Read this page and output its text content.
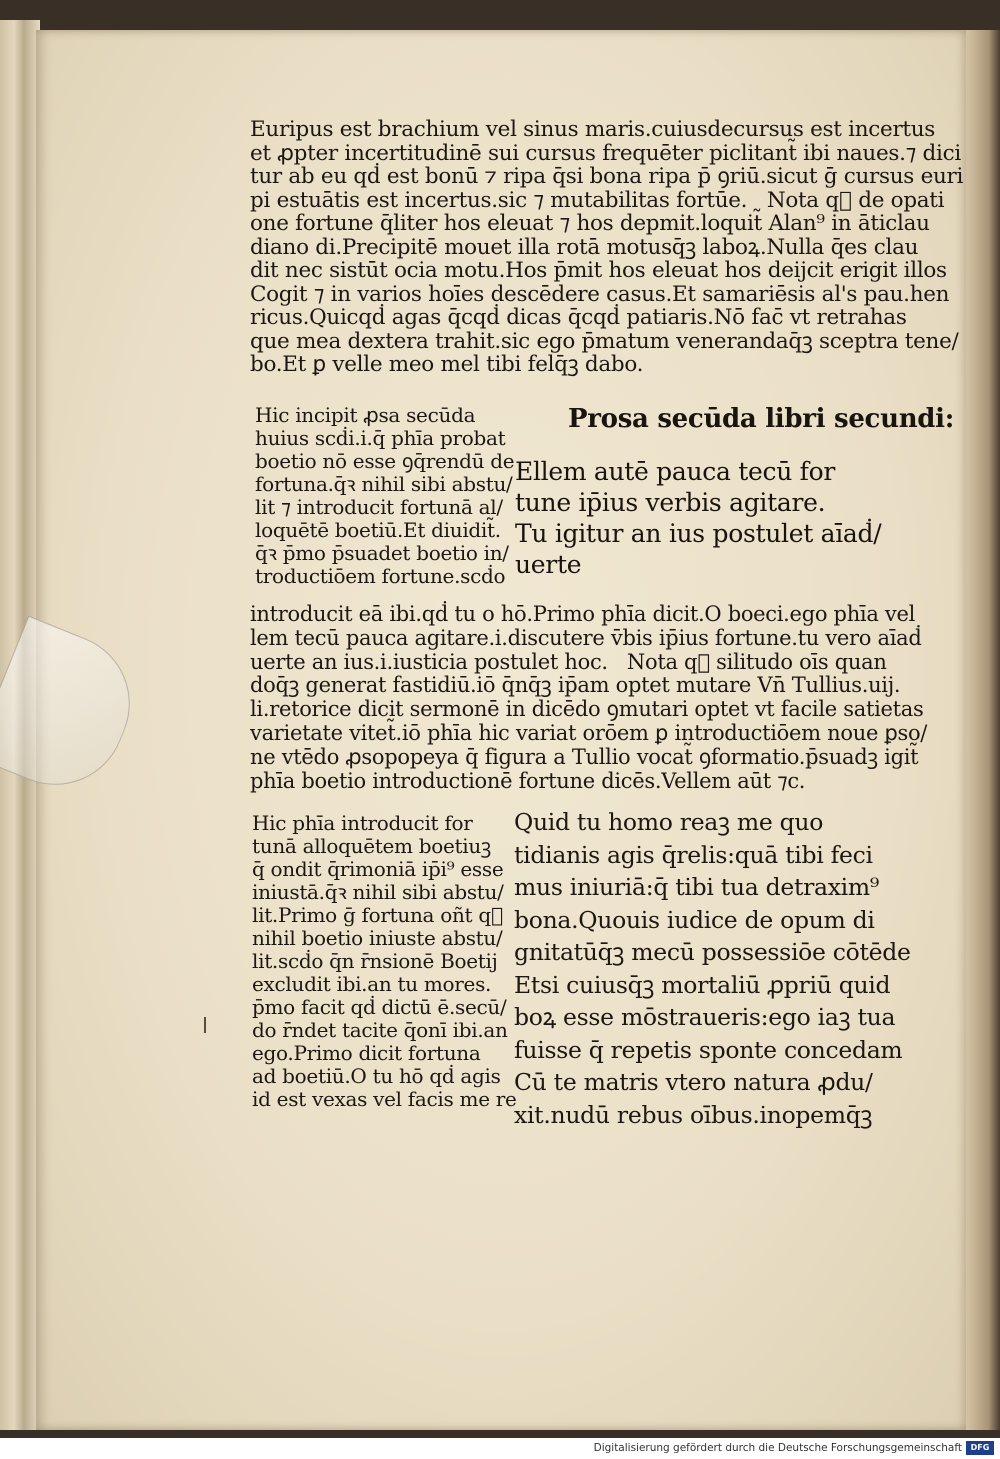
Euripus est brachium vel sinus maris.cuiusdecursus est incertus
et ꝓpter incertitudinē sui cursus frequēter piclitant̃ ibi naues.⁊ dici
tur ab eu qḋ est bonū ⁊ ripa q̄si bona ripa p̄ ꝯriū.sicut ḡ cursus euri
pi estuātis est incertus.sic ⁊ mutabilitas fortūe.   Nota q᷑ de opati
one fortune q̄liter hos eleuat ⁊ hos depmit.loquit̃ Alan⁹ in āticlau
diano di.Precipitē mouet illa rotā motusq̄ꝫ laboꝝ.Nulla q̄es clau
dit nec sistūt ocia motu.Hos p̄mit hos eleuat hos deijcit erigit illos
Cogit ⁊ in varios hoīes descēdere casus.Et samariēsis al's pau.hen
ricus.Quicqḋ agas q̄cqḋ dicas q̄cqḋ patiaris.Nō fac̄ vt retrahas
que mea dextera trahit.sic ego p̄matum venerandaq̄ꝫ sceptra tene/
bo.Et ꝑ velle meo mel tibi felq̄ꝫ dabo.
Prosa secūda libri secundi:
Hic incipit ꝓsa secūda
huius scḋi.i.q̄ phīa probat
boetio nō esse ꝯq̄rendū de
fortuna.q̄ꝛ nihil sibi abstu/
lit ⁊ introducit fortunā al/
loquētē boetiū.Et diuidit̃.
q̄ꝛ p̄mo p̄suadet boetio in/
troductiōem fortune.scḋo
Ellem autē pauca tecū for
tune ip̄ius verbis agitare.
Tu igitur an ius postulet aīaḋ/
uerte
introducit eā ibi.qḋ tu o hō.Primo phīa dicit.O boeci.ego phīa vel
lem tecū pauca agitare.i.discutere v̄bis ip̄ius fortune.tu vero aīaḋ
uerte an ius.i.iusticia postulet hoc.   Nota q᷑ silitudo oīs quan
doq̄ꝫ generat fastidiū.iō q̄nq̄ꝫ ip̄am optet mutare Vn̄ Tullius.uij.
li.retorice dicit sermonē in dicēdo ꝯmutari optet vt facile satietas
varietate vitet̃.iō phīa hic variat orōem ꝑ introductiōem noue ꝑso/
ne vtēdo ꝓsopopeya q̄ figura a Tullio vocat̃ ꝯformatio.p̄suadꝫ igit̃
phīa boetio introductionē fortune dicēs.Vellem aūt ⁊c.
Hic phīa introducit for
tunā alloquētem boetiuꝫ
q̄ ondit q̄rimoniā ip̄i⁹ esse
iniustā.q̄ꝛ nihil sibi abstu/
lit.Primo ḡ fortuna oñt q᷑
nihil boetio iniuste abstu/
lit.scḋo q̄n r̄nsionē Boetij
excludit ibi.an tu mores.
p̄mo facit qḋ dictū ē.secū/
do r̄ndet tacite q̄onī ibi.an
ego.Primo dicit fortuna
ad boetiū.O tu hō qḋ agis
id est vexas vel facis me re
Quid tu homo reaꝫ me quo
tidianis agis q̄relis:quā tibi feci
mus iniuriā:q̄ tibi tua detraxim⁹
bona.Quouis iudice de opum di
gnitatūq̄ꝫ mecū possessiōe cōtēde
Etsi cuiusq̄ꝫ mortaliū ꝓpriū quid
boꝝ esse mōstraueris:ego iaꝫ tua
fuisse q̄ repetis sponte concedam
Cū te matris vtero natura ꝓdu/
xit.nudū rebus oībus.inopemq̄ꝫ
Digitalisierung gefördert durch die Deutsche Forschungsgemeinschaft	DFG
